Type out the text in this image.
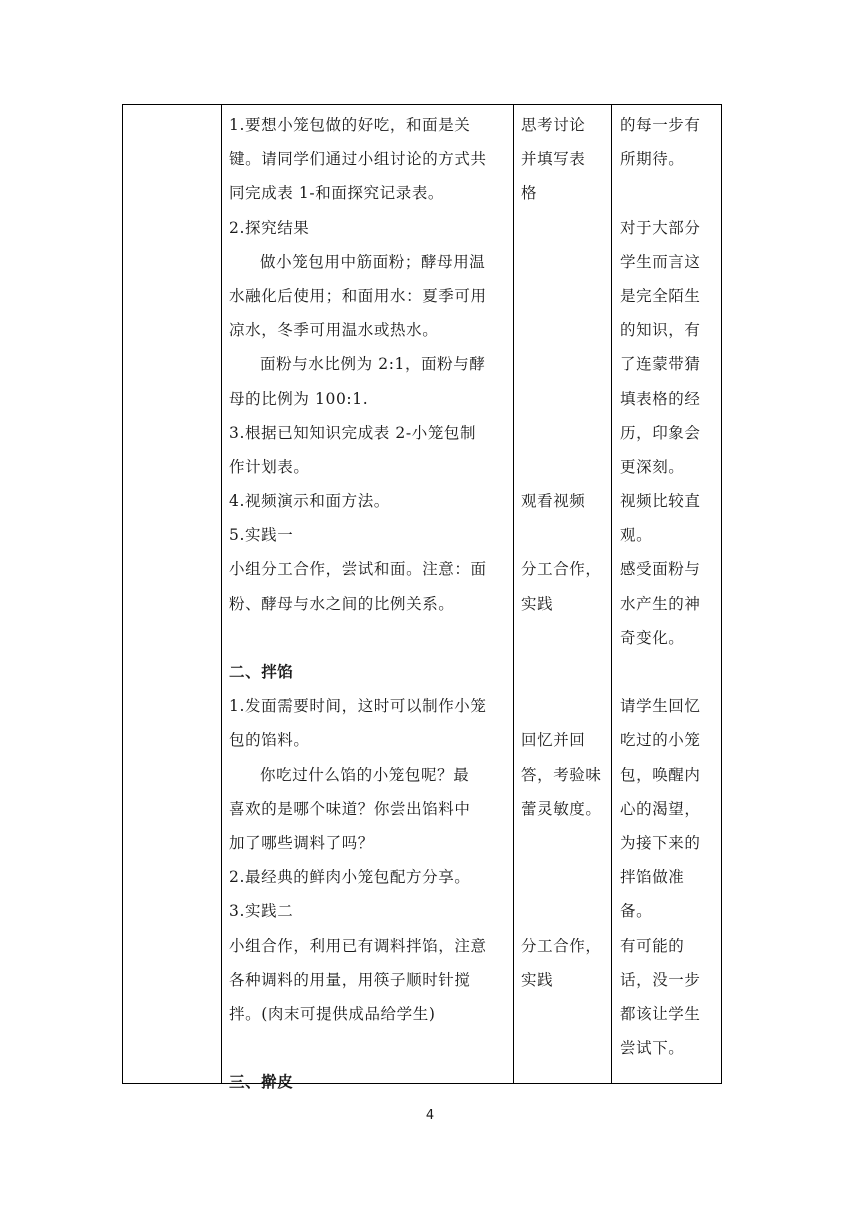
1.要想小笼包做的好吃，和面是关
键。请同学们通过小组讨论的方式共
同完成表 1-和面探究记录表。
2.探究结果
做小笼包用中筋面粉；酵母用温
水融化后使用；和面用水：夏季可用
凉水，冬季可用温水或热水。
面粉与水比例为 2:1，面粉与酵
母的比例为 100:1.
3.根据已知知识完成表 2-小笼包制
作计划表。
4.视频演示和面方法。
5.实践一
小组分工合作，尝试和面。注意：面
粉、酵母与水之间的比例关系。
二、拌馅
1.发面需要时间，这时可以制作小笼
包的馅料。
你吃过什么馅的小笼包呢？最
喜欢的是哪个味道？你尝出馅料中
加了哪些调料了吗？
2.最经典的鲜肉小笼包配方分享。
3.实践二
小组合作，利用已有调料拌馅，注意
各种调料的用量，用筷子顺时针搅
拌。(肉末可提供成品给学生)
三、擀皮
思考讨论
并填写表
格
观看视频
分工合作，
实践
回忆并回
答，考验味
蕾灵敏度。
分工合作，
实践
的每一步有
所期待。
对于大部分
学生而言这
是完全陌生
的知识，有
了连蒙带猜
填表格的经
历，印象会
更深刻。
视频比较直
观。
感受面粉与
水产生的神
奇变化。
请学生回忆
吃过的小笼
包，唤醒内
心的渴望，
为接下来的
拌馅做准
备。
有可能的
话，没一步
都该让学生
尝试下。
4
